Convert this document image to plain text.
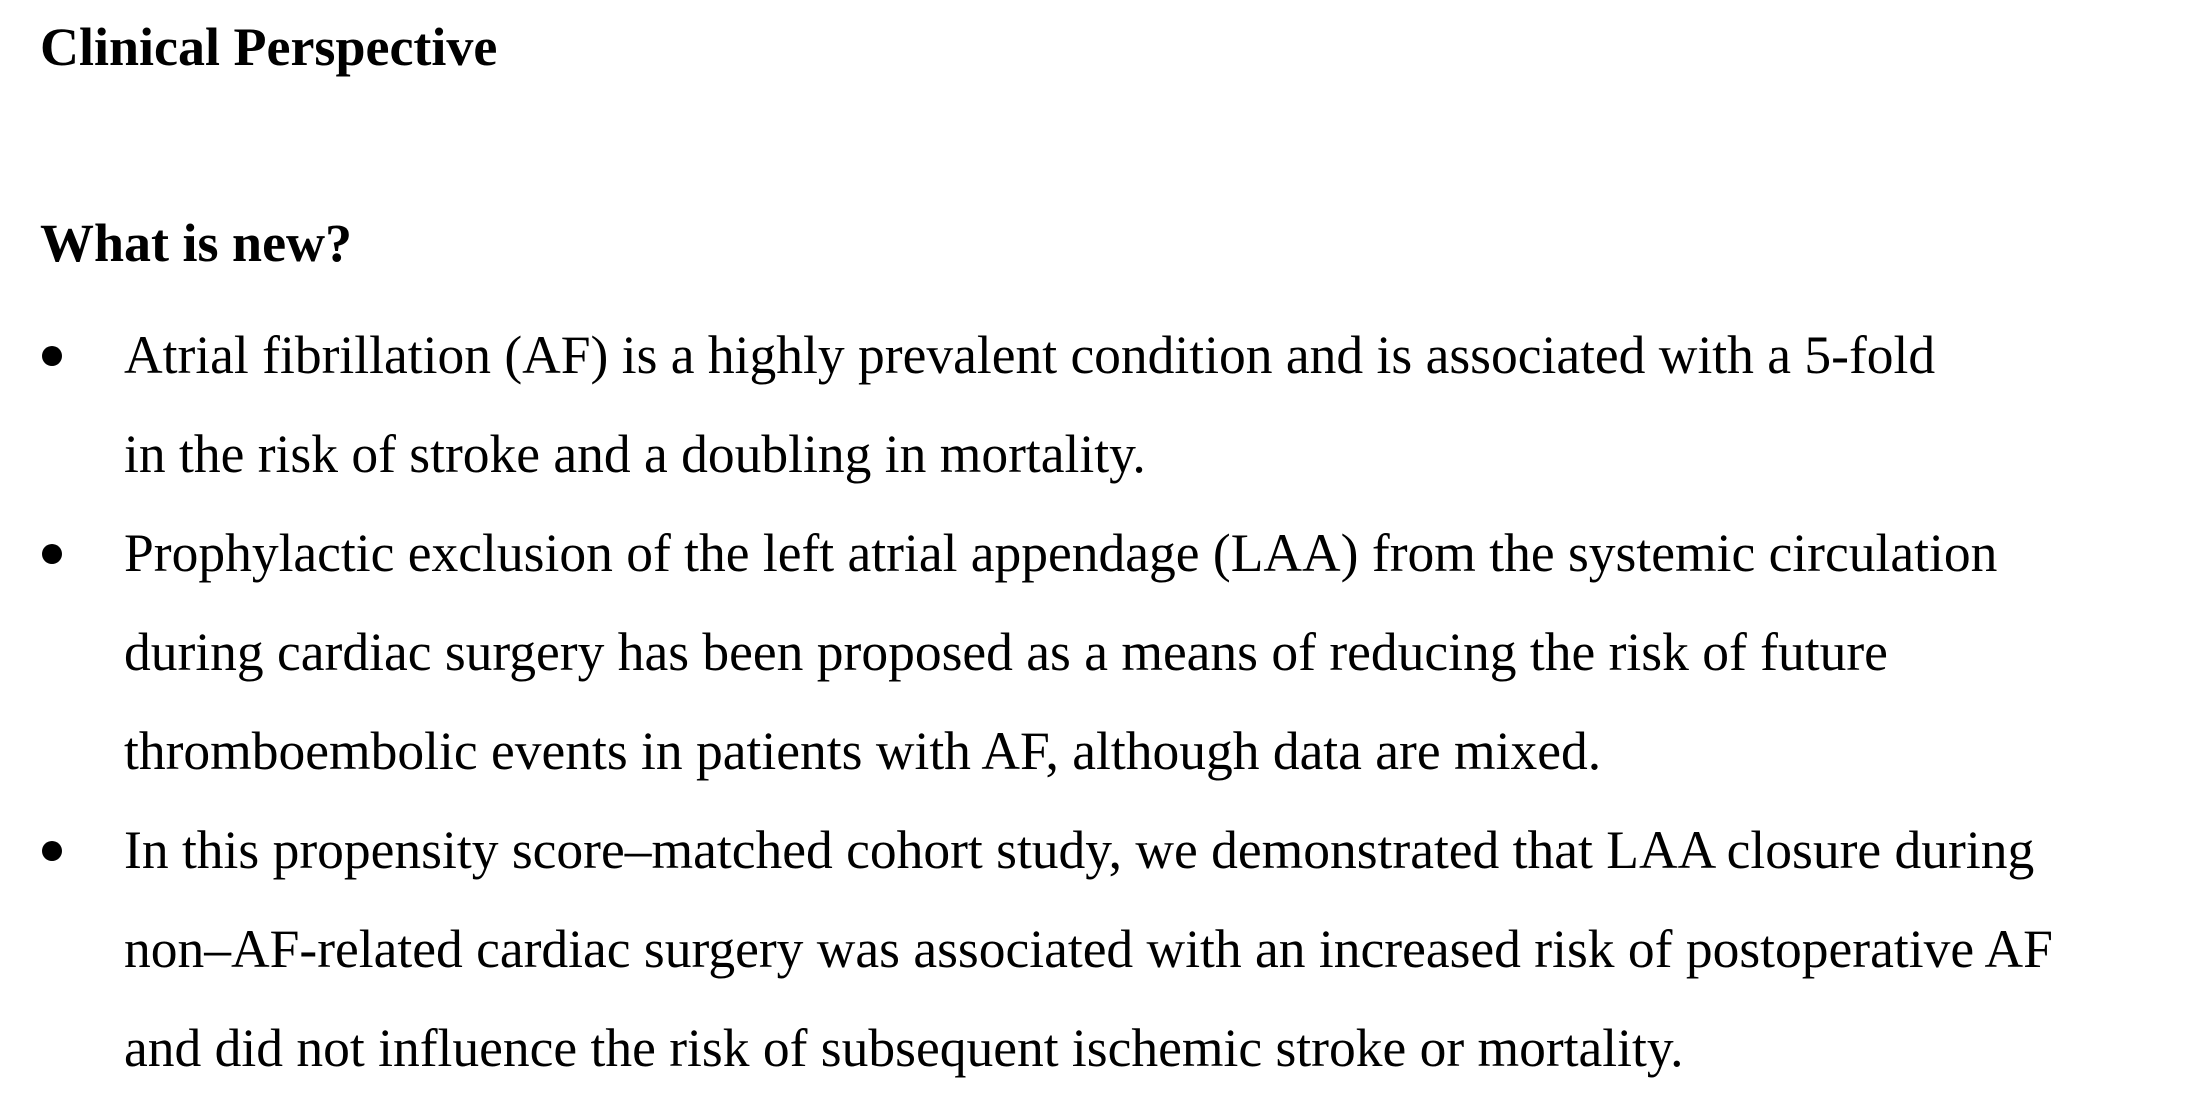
Clinical Perspective
What is new?
Atrial fibrillation (AF) is a highly prevalent condition and is associated with a 5-fold
in the risk of stroke and a doubling in mortality.
Prophylactic exclusion of the left atrial appendage (LAA) from the systemic circulation
during cardiac surgery has been proposed as a means of reducing the risk of future
thromboembolic events in patients with AF, although data are mixed.
In this propensity score–matched cohort study, we demonstrated that LAA closure during
non–AF-related cardiac surgery was associated with an increased risk of postoperative AF
and did not influence the risk of subsequent ischemic stroke or mortality.
